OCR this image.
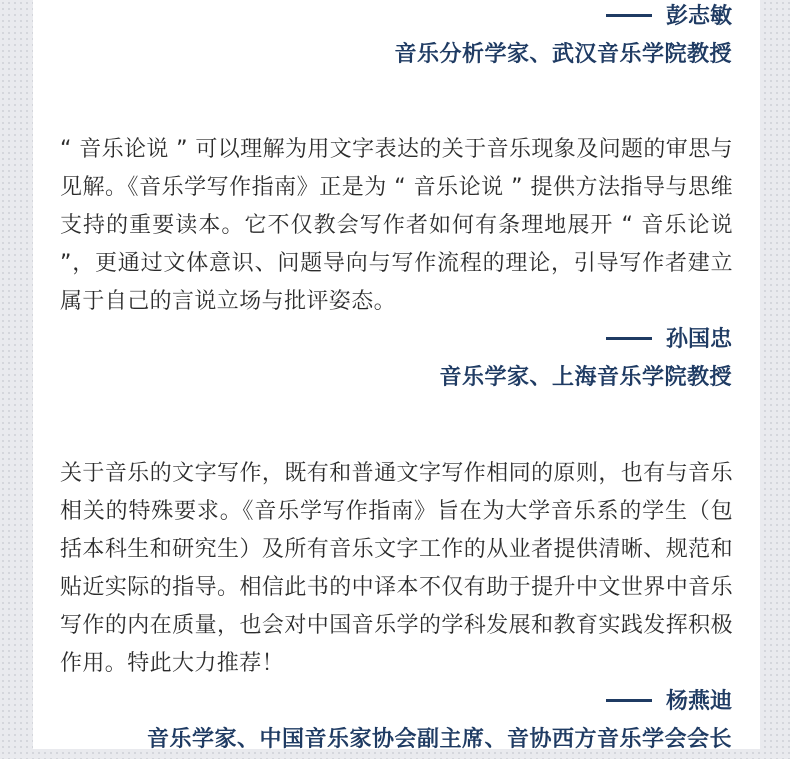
彭志敏

音乐分析学家、武汉音乐学院教授

“ 音乐论说 ” 可以理解为用文字表达的关于音乐现象及问题的审思与见解。《音乐学写作指南》正是为 “ 音乐论说 ” 提供方法指导与思维支持的重要读本。它不仅教会写作者如何有条理地展开 “ 音乐论说 ”，更通过文体意识、问题导向与写作流程的理论，引导写作者建立属于自己的言说立场与批评姿态。

孙国忠

音乐学家、上海音乐学院教授

关于音乐的文字写作，既有和普通文字写作相同的原则，也有与音乐相关的特殊要求。《音乐学写作指南》旨在为大学音乐系的学生（包括本科生和研究生）及所有音乐文字工作的从业者提供清晰、规范和贴近实际的指导。相信此书的中译本不仅有助于提升中文世界中音乐写作的内在质量，也会对中国音乐学的学科发展和教育实践发挥积极作用。特此大力推荐！

杨燕迪

音乐学家、中国音乐家协会副主席、音协西方音乐学会会长
